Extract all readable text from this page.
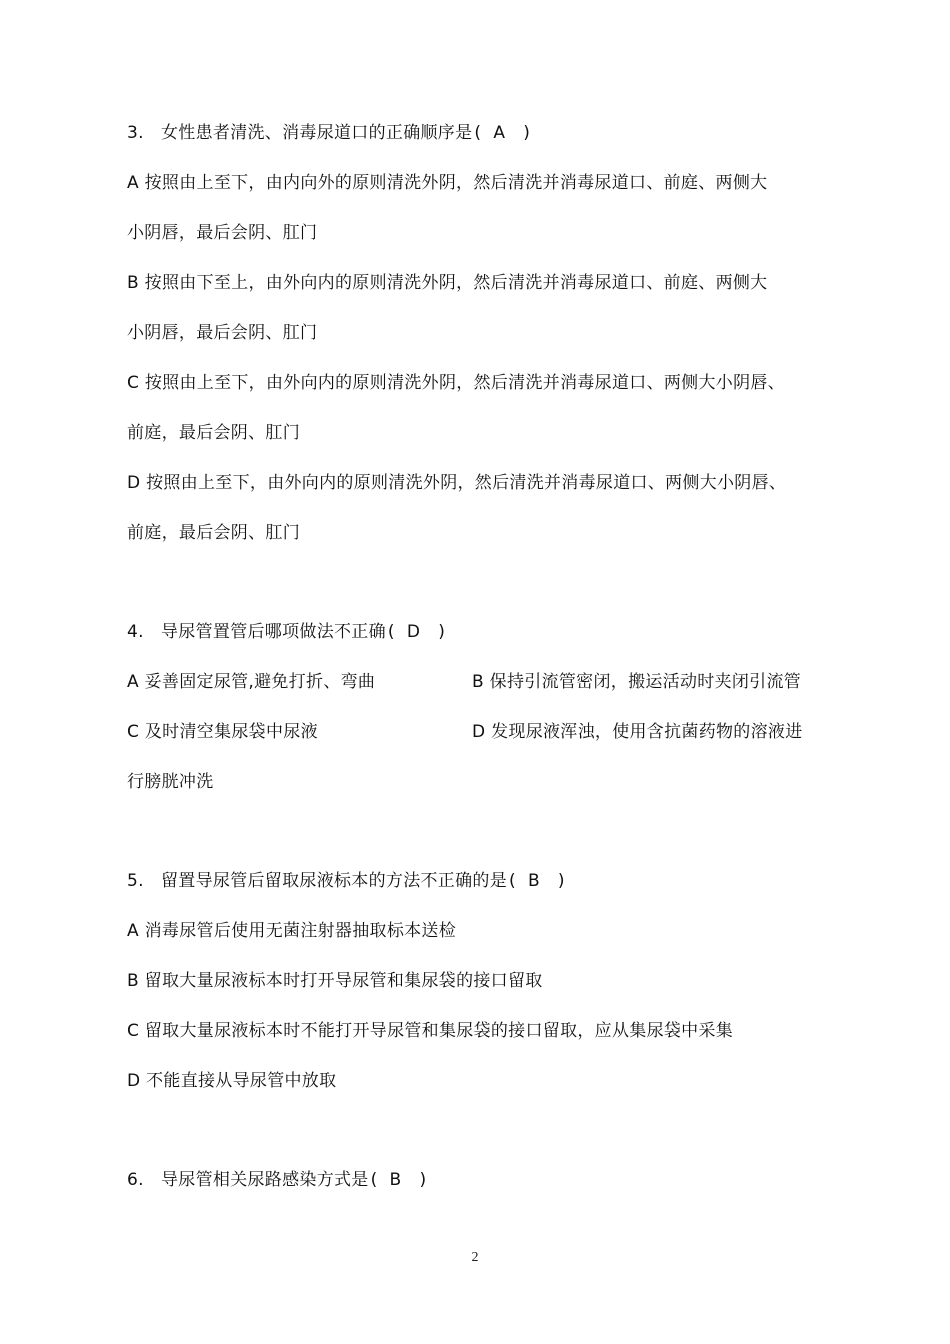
3. 女性患者清洗、消毒尿道口的正确顺序是 ( A )
A 按照由上至下，由内向外的原则清洗外阴，然后清洗并消毒尿道口、前庭、两侧大
小阴唇，最后会阴、肛门
B 按照由下至上，由外向内的原则清洗外阴，然后清洗并消毒尿道口、前庭、两侧大
小阴唇，最后会阴、肛门
C 按照由上至下，由外向内的原则清洗外阴，然后清洗并消毒尿道口、两侧大小阴唇、
前庭，最后会阴、肛门
D 按照由上至下，由外向内的原则清洗外阴，然后清洗并消毒尿道口、两侧大小阴唇、
前庭，最后会阴、肛门
4. 导尿管置管后哪项做法不正确 ( D )
A 妥善固定尿管,避免打折、弯曲	B 保持引流管密闭，搬运活动时夹闭引流管
C 及时清空集尿袋中尿液	D 发现尿液浑浊，使用含抗菌药物的溶液进
行膀胱冲洗
5. 留置导尿管后留取尿液标本的方法不正确的是 ( B )
A 消毒尿管后使用无菌注射器抽取标本送检
B 留取大量尿液标本时打开导尿管和集尿袋的接口留取
C 留取大量尿液标本时不能打开导尿管和集尿袋的接口留取，应从集尿袋中采集
D 不能直接从导尿管中放取
6. 导尿管相关尿路感染方式是 ( B )
2
